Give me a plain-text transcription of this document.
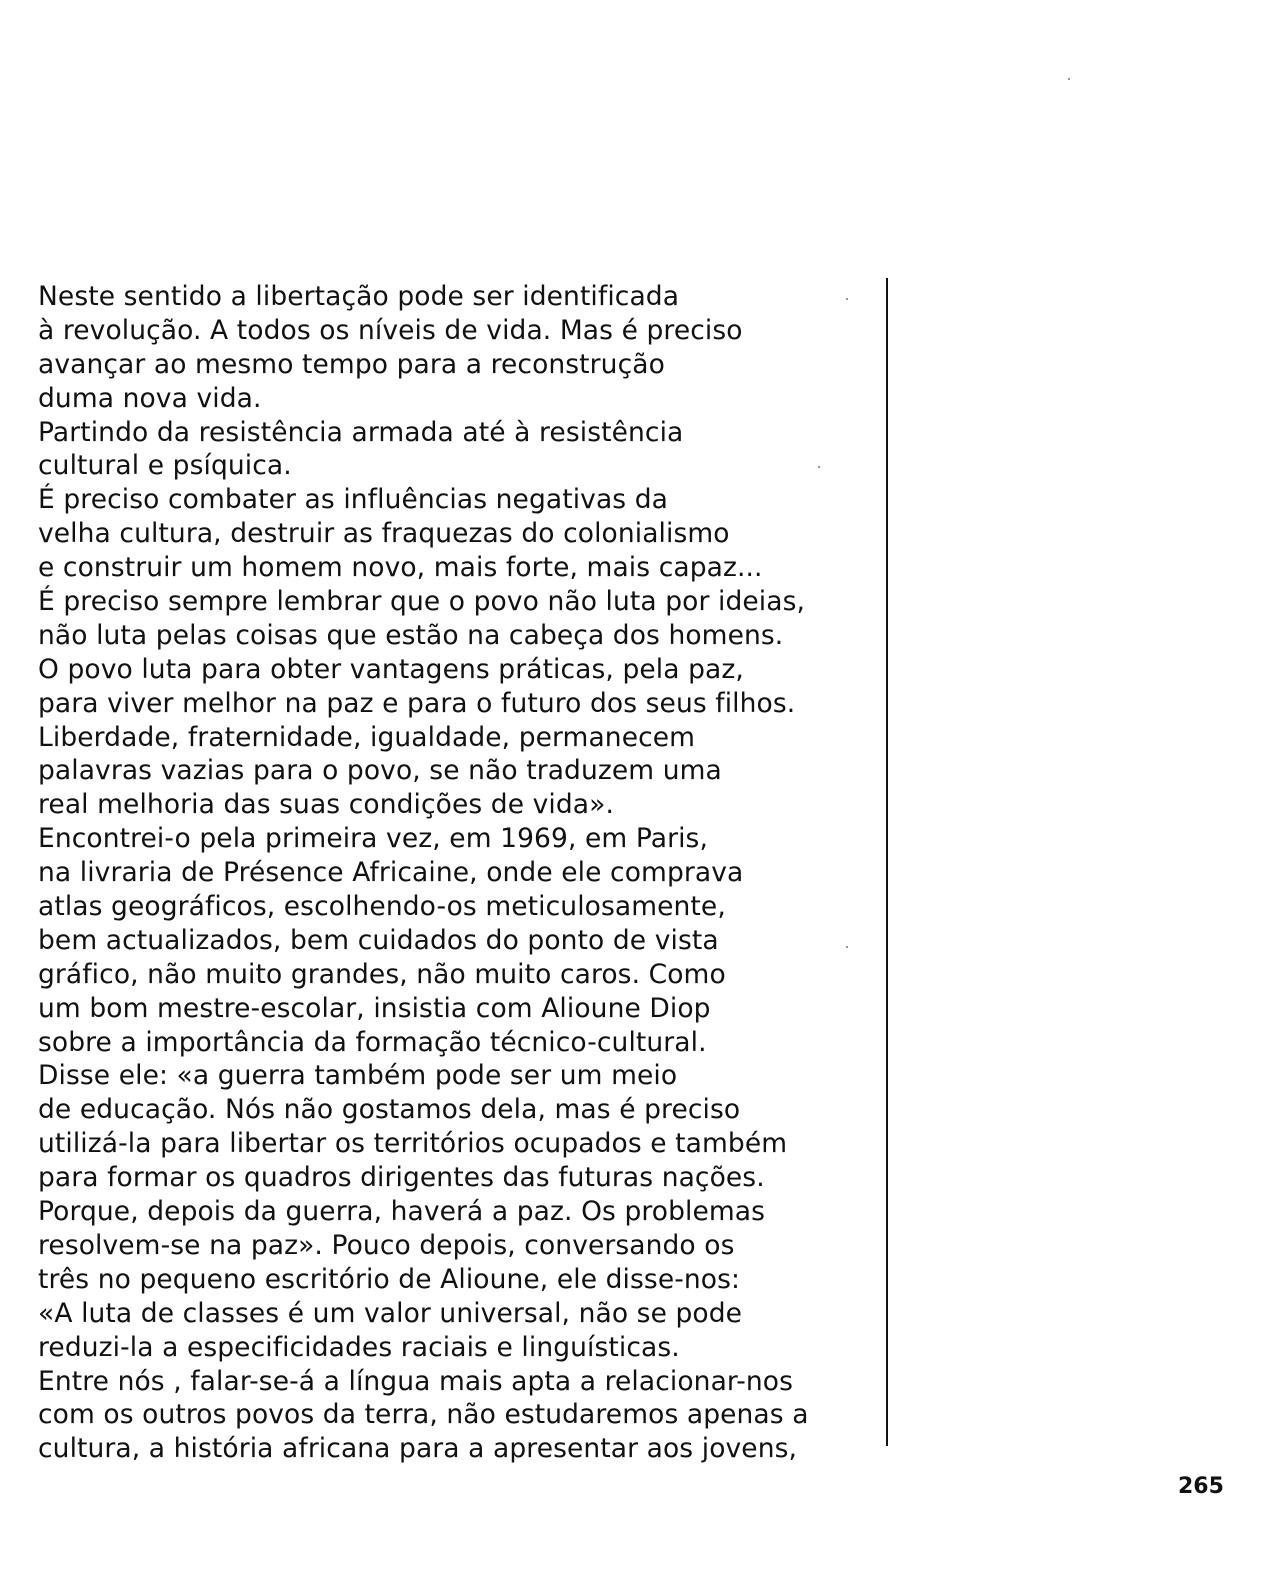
Neste sentido a libertação pode ser identificada
à revolução. A todos os níveis de vida. Mas é preciso
avançar ao mesmo tempo para a reconstrução
duma nova vida.
Partindo da resistência armada até à resistência
cultural e psíquica.
É preciso combater as influências negativas da
velha cultura, destruir as fraquezas do colonialismo
e construir um homem novo, mais forte, mais capaz...
É preciso sempre lembrar que o povo não luta por ideias,
não luta pelas coisas que estão na cabeça dos homens.
O povo luta para obter vantagens práticas, pela paz,
para viver melhor na paz e para o futuro dos seus filhos.
Liberdade, fraternidade, igualdade, permanecem
palavras vazias para o povo, se não traduzem uma
real melhoria das suas condições de vida».
Encontrei-o pela primeira vez, em 1969, em Paris,
na livraria de Présence Africaine, onde ele comprava
atlas geográficos, escolhendo-os meticulosamente,
bem actualizados, bem cuidados do ponto de vista
gráfico, não muito grandes, não muito caros. Como
um bom mestre-escolar, insistia com Alioune Diop
sobre a importância da formação técnico-cultural.
Disse ele: «a guerra também pode ser um meio
de educação. Nós não gostamos dela, mas é preciso
utilizá-la para libertar os territórios ocupados e também
para formar os quadros dirigentes das futuras nações.
Porque, depois da guerra, haverá a paz. Os problemas
resolvem-se na paz». Pouco depois, conversando os
três no pequeno escritório de Alioune, ele disse-nos:
«A luta de classes é um valor universal, não se pode
reduzi-la a especificidades raciais e linguísticas.
Entre nós , falar-se-á a língua mais apta a relacionar-nos
com os outros povos da terra, não estudaremos apenas a
cultura, a história africana para a apresentar aos jovens,
265
